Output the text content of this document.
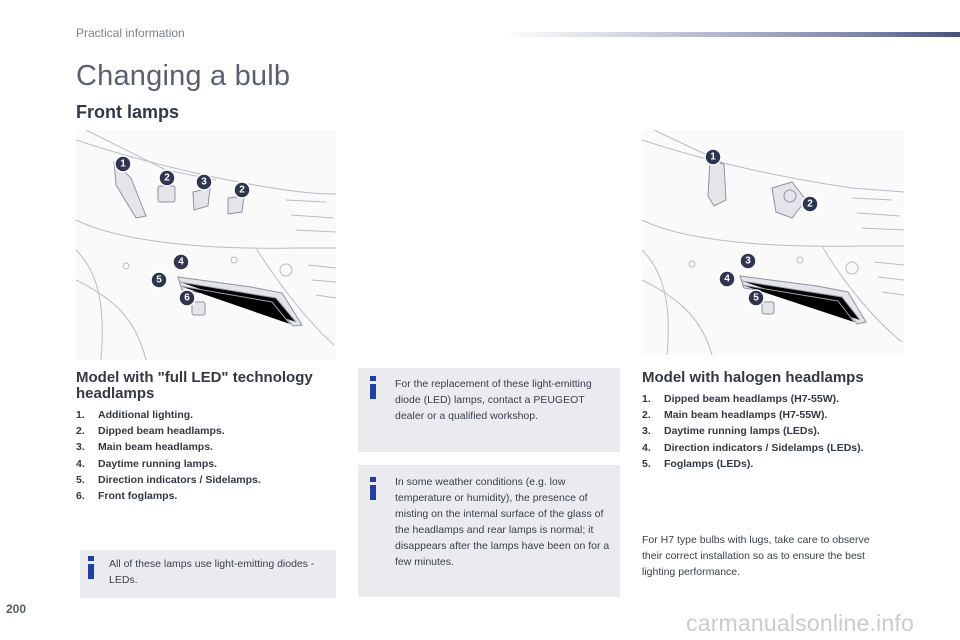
Practical information
Changing a bulb
Front lamps
1
2	3
2
4
5
6
1
2
3
4
5
Model with "full LED" technology headlamps
1. Additional lighting.
2. Dipped beam headlamps.
3. Main beam headlamps.
4. Daytime running lamps.
5. Direction indicators / Sidelamps.
6. Front foglamps.
All of these lamps use light-emitting diodes - LEDs.
For the replacement of these light-emitting diode (LED) lamps, contact a PEUGEOT dealer or a qualified workshop.
In some weather conditions (e.g. low temperature or humidity), the presence of misting on the internal surface of the glass of the headlamps and rear lamps is normal; it disappears after the lamps have been on for a few minutes.
Model with halogen headlamps
1. Dipped beam headlamps (H7-55W).
2. Main beam headlamps (H7-55W).
3. Daytime running lamps (LEDs).
4. Direction indicators / Sidelamps (LEDs).
5. Foglamps (LEDs).
For H7 type bulbs with lugs, take care to observe their correct installation so as to ensure the best lighting performance.
200
carmanualsonline.info
